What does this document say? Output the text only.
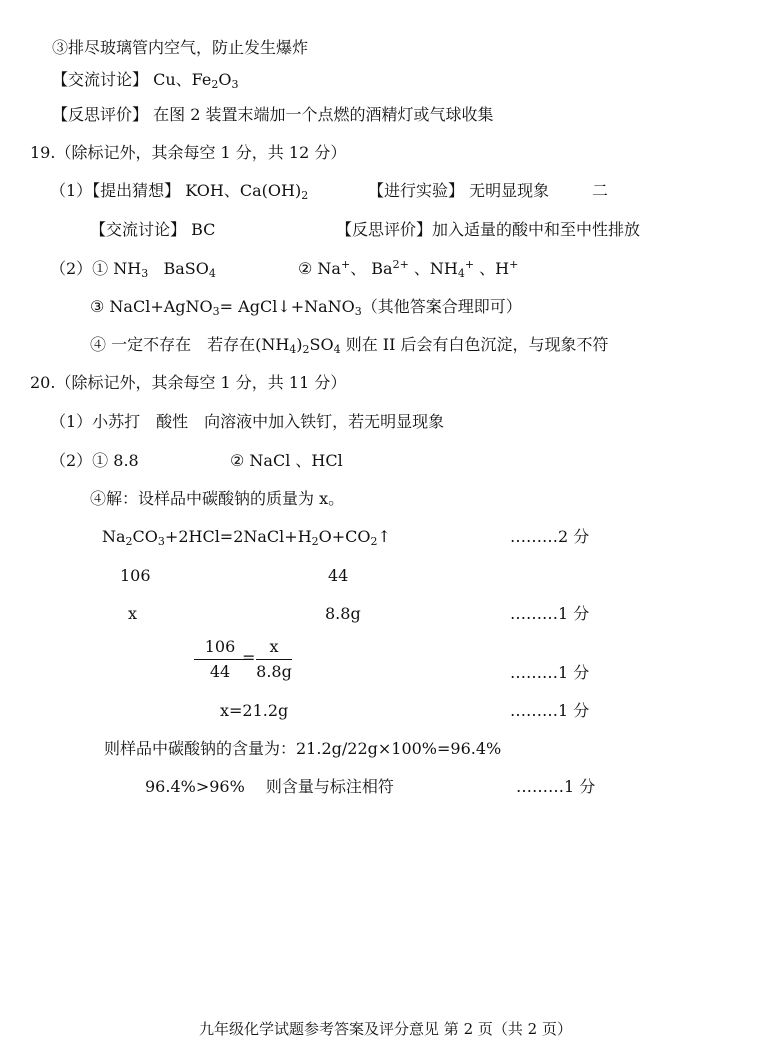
③排尽玻璃管内空气，防止发生爆炸
【交流讨论】 Cu、$Fe_2O_3$
【反思评价】 在图 2 装置末端加一个点燃的酒精灯或气球收集
19.（除标记外，其余每空 1 分，共 12 分）
（1）【提出猜想】 KOH、$Ca(OH)_2$	【进行实验】 无明显现象	二
【交流讨论】 BC	【反思评价】加入适量的酸中和至中性排放
（2）① $NH_3$ BaSO$_4$	② Na+、 $Ba^{2+}$ 、$NH_4^+$ 、H+
③ NaCl+AgNO$_3$= AgCl↓+NaNO$_3$（其他答案合理即可）
④ 一定不存在　若存在$(NH_4)_2SO_4$ 则在 II 后会有白色沉淀，与现象不符
20.（除标记外，其余每空 1 分，共 11 分）
（1）小苏打　酸性　向溶液中加入铁钉，若无明显现象
（2）① 8.8	② NaCl 、HCl
④解：设样品中碳酸钠的质量为 x。
$Na_2CO_3+2HCl=2NaCl+H_2O+CO_2↑$	………2 分
106	44
x	8.8g	………1 分
106
44
=
x
8.8g	………1 分
x=21.2g	………1 分
则样品中碳酸钠的含量为：21.2g/22g×100%=96.4%
96.4%>96%　 则含量与标注相符	………1 分
九年级化学试题参考答案及评分意见 第 2 页（共 2 页）
